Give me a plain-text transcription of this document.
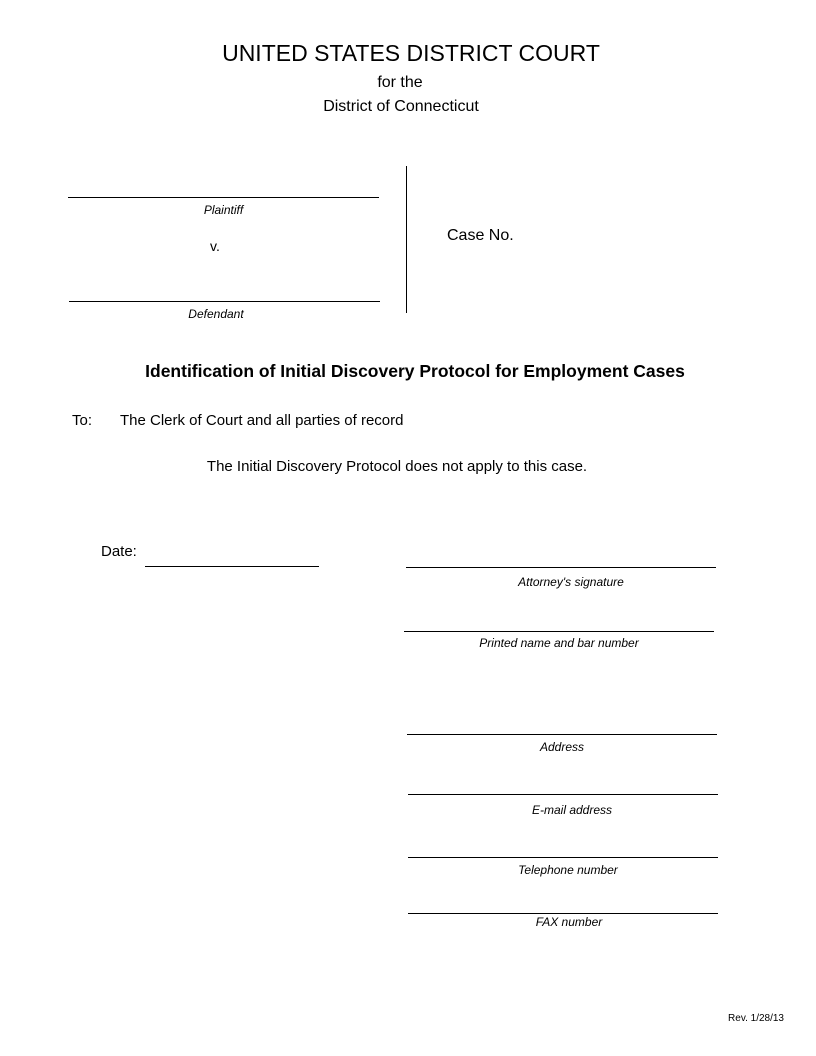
UNITED STATES DISTRICT COURT
for the
District of Connecticut
Plaintiff
v.
Defendant
Case No.
Identification of Initial Discovery Protocol for Employment Cases
To: The Clerk of Court and all parties of record
The Initial Discovery Protocol does not apply to this case.
Date:
Attorney's signature
Printed name and bar number
Address
E-mail address
Telephone number
FAX number
Rev. 1/28/13
